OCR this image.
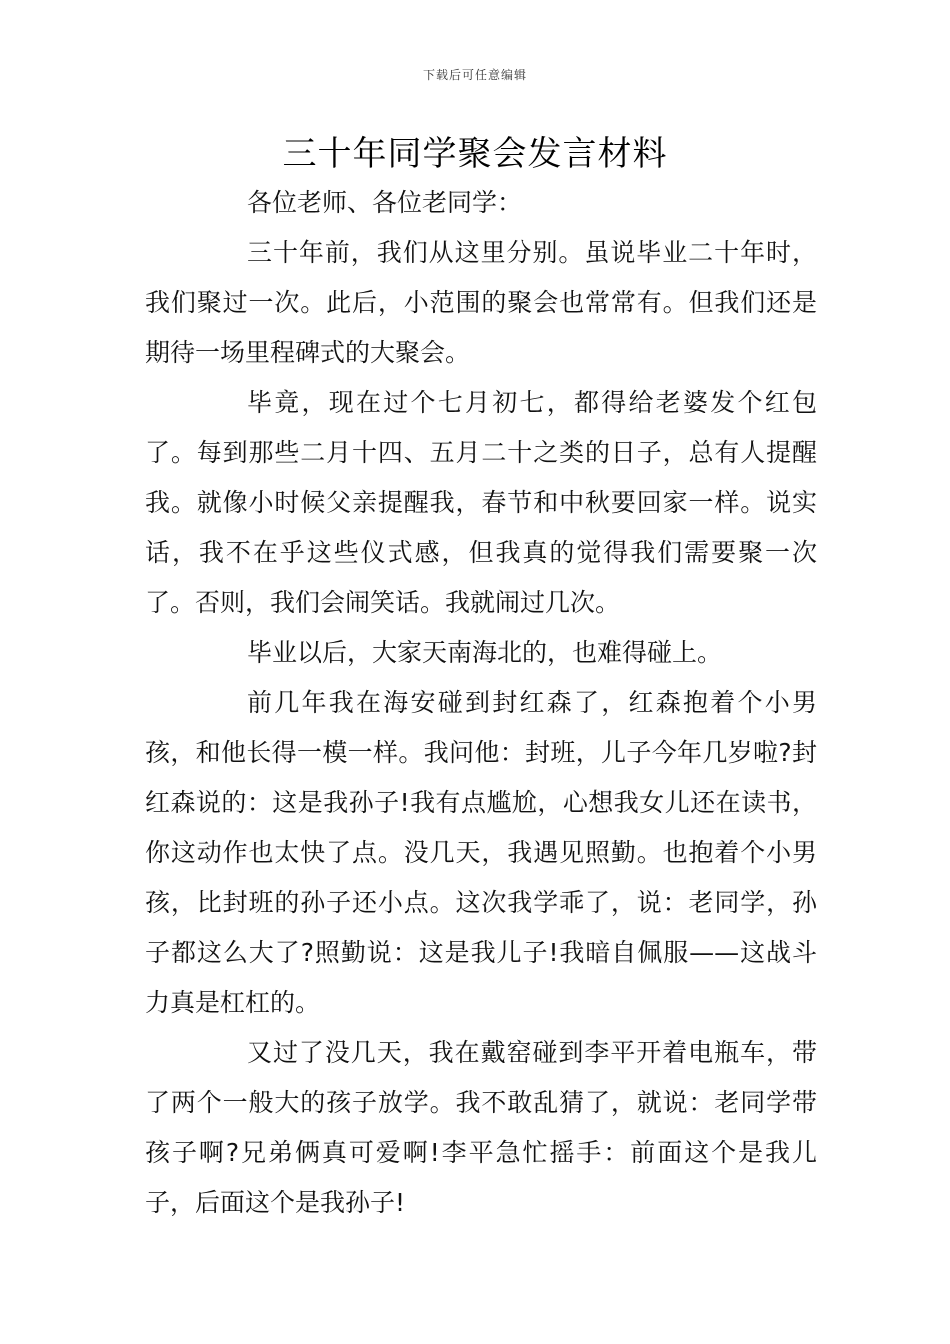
下载后可任意编辑
三十年同学聚会发言材料

各位老师、各位老同学：

三十年前，我们从这里分别。虽说毕业二十年时，我们聚过一次。此后，小范围的聚会也常常有。但我们还是期待一场里程碑式的大聚会。

毕竟，现在过个七月初七，都得给老婆发个红包了。每到那些二月十四、五月二十之类的日子，总有人提醒我。就像小时候父亲提醒我，春节和中秋要回家一样。说实话，我不在乎这些仪式感，但我真的觉得我们需要聚一次了。否则，我们会闹笑话。我就闹过几次。

毕业以后，大家天南海北的，也难得碰上。

前几年我在海安碰到封红森了，红森抱着个小男孩，和他长得一模一样。我问他：封班，儿子今年几岁啦?封红森说的：这是我孙子!我有点尴尬，心想我女儿还在读书，你这动作也太快了点。没几天，我遇见照勤。也抱着个小男孩，比封班的孙子还小点。这次我学乖了，说：老同学，孙子都这么大了?照勤说：这是我儿子!我暗自佩服——这战斗力真是杠杠的。

又过了没几天，我在戴窑碰到李平开着电瓶车，带了两个一般大的孩子放学。我不敢乱猜了，就说：老同学带孩子啊?兄弟俩真可爱啊!李平急忙摇手：前面这个是我儿子，后面这个是我孙子!
